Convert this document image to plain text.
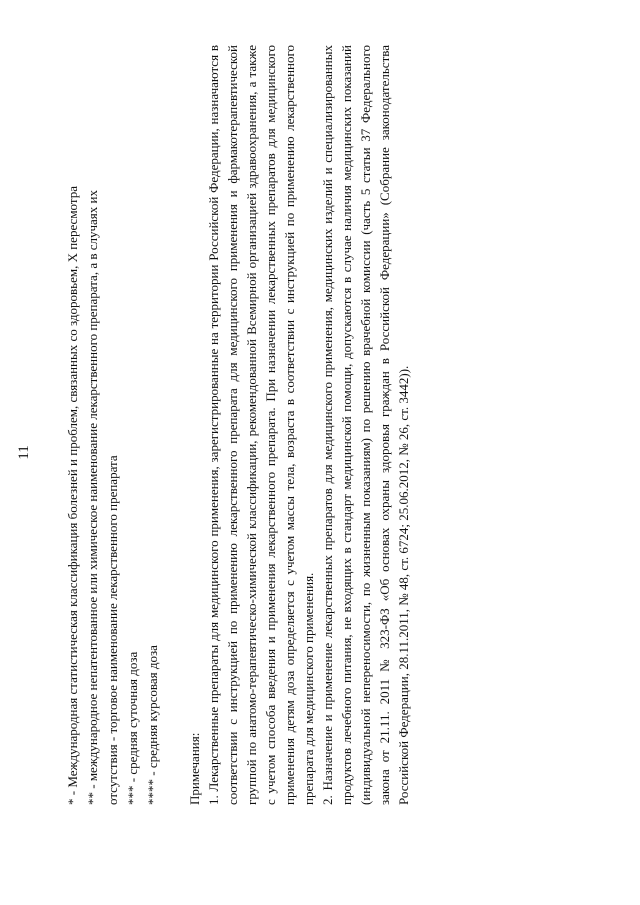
11	* - Международная статистическая классификация болезней и проблем, связанных со здоровьем, X пересмотра ** - международное непатентованное или химическое наименование лекарственного препарата, а в случаях их отсутствия - торговое наименование лекарственного препарата *** - средняя суточная доза **** - средняя курсовая доза Примечания: 1. Лекарственные препараты для медицинского применения, зарегистрированные на территории Российской Федерации, назначаются в соответствии с инструкцией по применению лекарственного препарата для медицинского применения и фармакотерапевтической группой по анатомо-терапевтическо-химической классификации, рекомендованной Всемирной организацией здравоохранения, а также с учетом способа введения и применения лекарственного препарата. При назначении лекарственных препаратов для медицинского применения детям доза определяется с учетом массы тела, возраста в соответствии с инструкцией по применению лекарственного препарата для медицинского применения. 2. Назначение и применение лекарственных препаратов для медицинского применения, медицинских изделий и специализированных продуктов лечебного питания, не входящих в стандарт медицинской помощи, допускаются в случае наличия медицинских показаний (индивидуальной непереносимости, по жизненным показаниям) по решению врачебной комиссии (часть 5 статьи 37 Федерального закона от 21.11. 2011 № 323-ФЗ «Об основах охраны здоровья граждан в Российской Федерации» (Собрание законодательства Российской Федерации, 28.11.2011, № 48, ст. 6724; 25.06.2012, № 26, ст. 3442)).
